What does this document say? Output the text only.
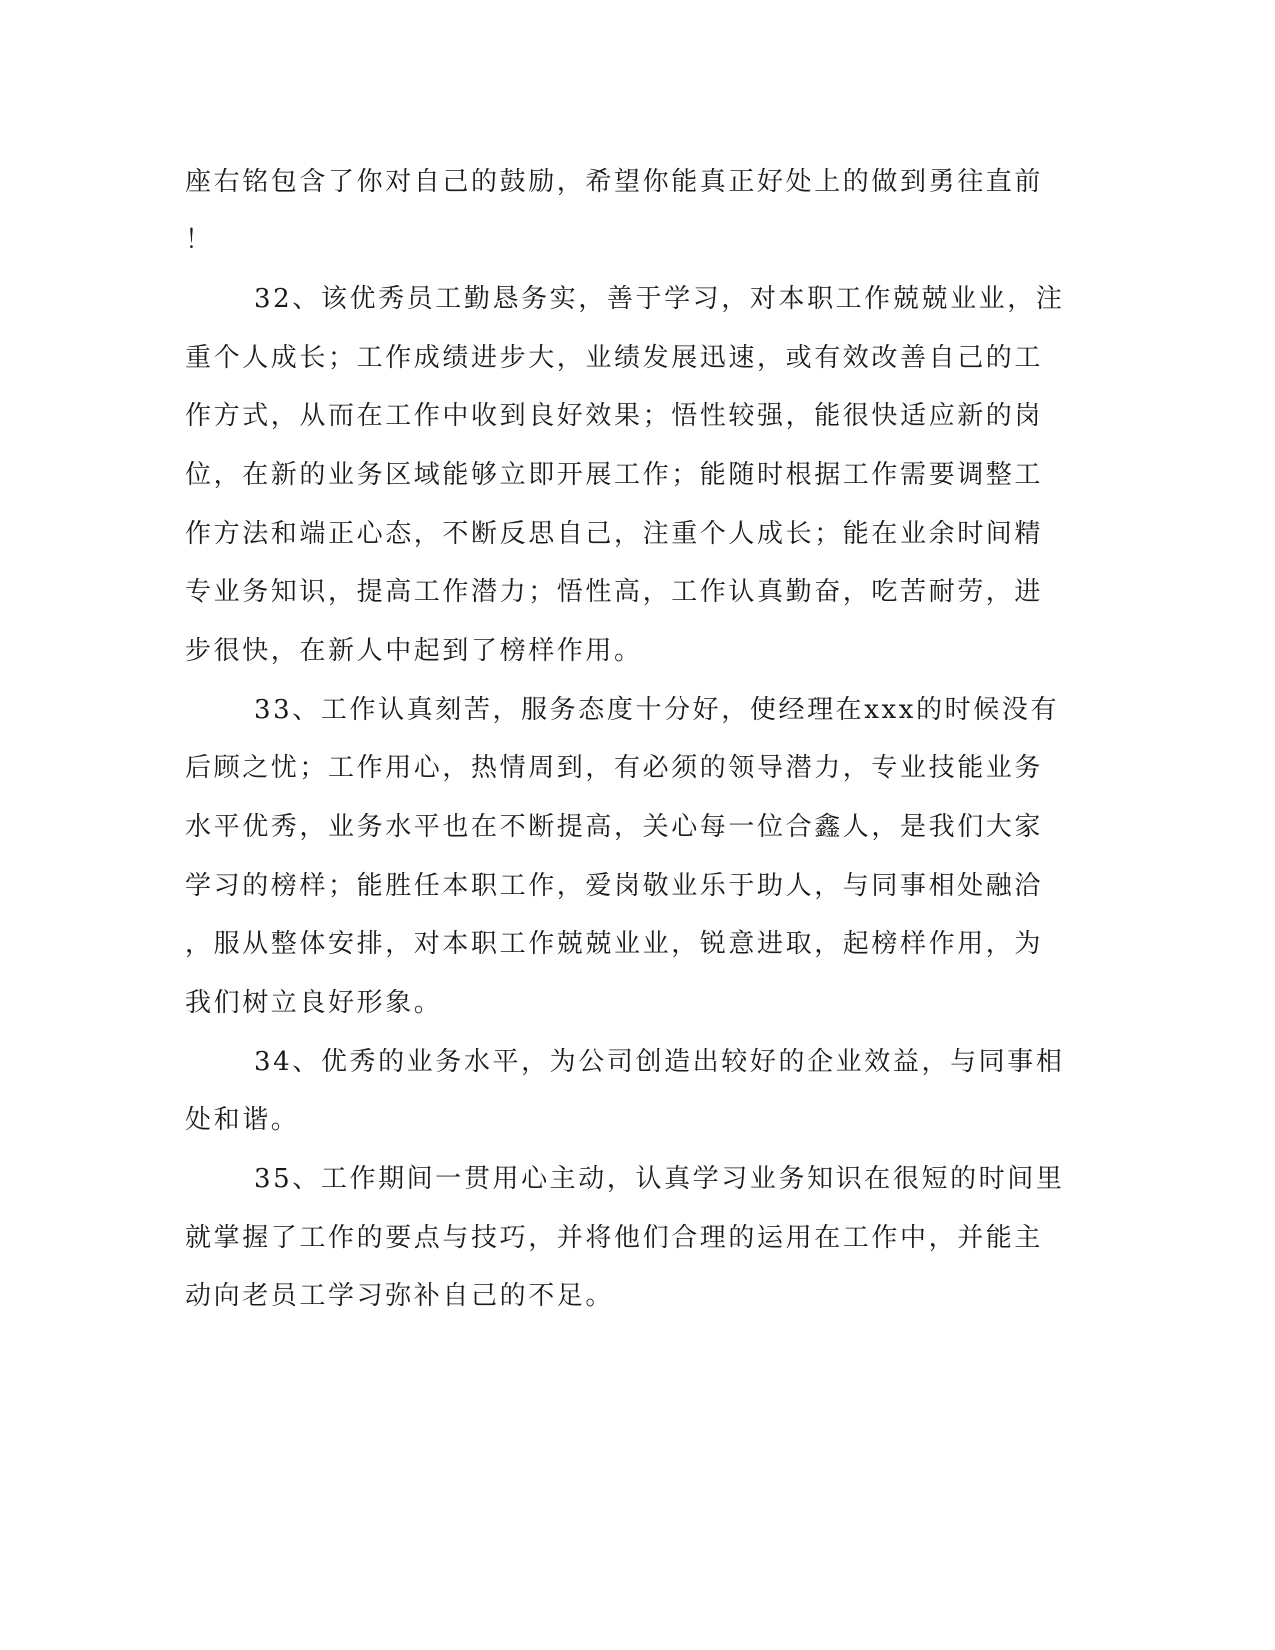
座右铭包含了你对自己的鼓励，希望你能真正好处上的做到勇往直前
！
32、该优秀员工勤恳务实，善于学习，对本职工作兢兢业业，注
重个人成长；工作成绩进步大，业绩发展迅速，或有效改善自己的工
作方式，从而在工作中收到良好效果；悟性较强，能很快适应新的岗
位，在新的业务区域能够立即开展工作；能随时根据工作需要调整工
作方法和端正心态，不断反思自己，注重个人成长；能在业余时间精
专业务知识，提高工作潜力；悟性高，工作认真勤奋，吃苦耐劳，进
步很快，在新人中起到了榜样作用。
33、工作认真刻苦，服务态度十分好，使经理在xxx的时候没有
后顾之忧；工作用心，热情周到，有必须的领导潜力，专业技能业务
水平优秀，业务水平也在不断提高，关心每一位合鑫人，是我们大家
学习的榜样；能胜任本职工作，爱岗敬业乐于助人，与同事相处融洽
，服从整体安排，对本职工作兢兢业业，锐意进取，起榜样作用，为
我们树立良好形象。
34、优秀的业务水平，为公司创造出较好的企业效益，与同事相
处和谐。
35、工作期间一贯用心主动，认真学习业务知识在很短的时间里
就掌握了工作的要点与技巧，并将他们合理的运用在工作中，并能主
动向老员工学习弥补自己的不足。
